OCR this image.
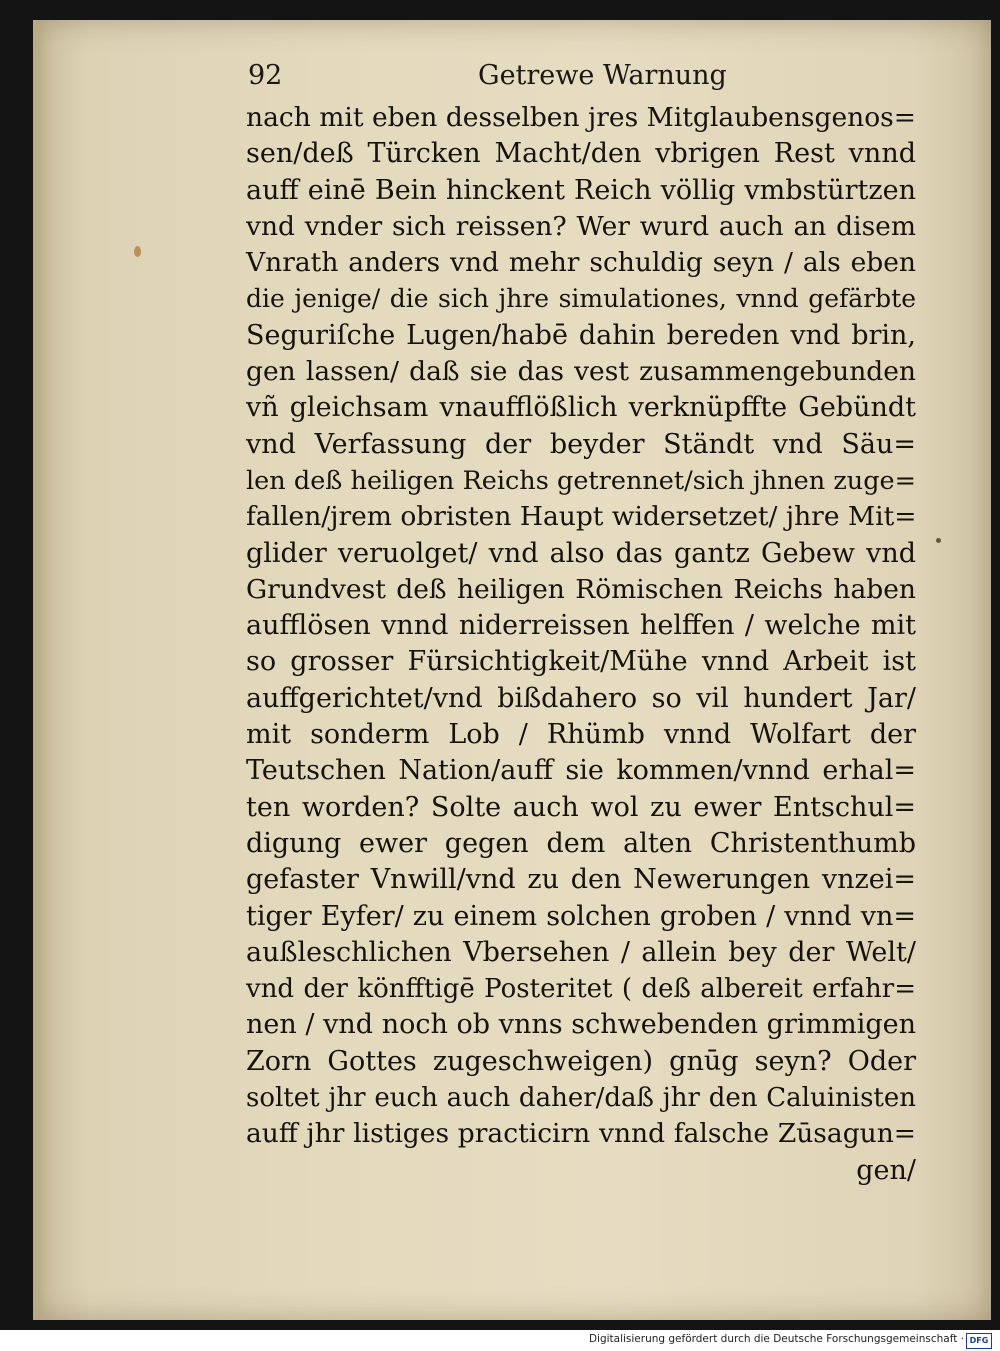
92	Getrewe Warnung
nach mit eben desselben jres Mitglaubensgenos=
sen/deß Türcken Macht/den vbrigen Rest vnnd
auff einē Bein hinckent Reich völlig vmbstürtzen
vnd vnder sich reissen? Wer wurd auch an disem
Vnrath anders vnd mehr schuldig seyn / als eben
die jenige/ die sich jhre simulationes, vnnd gefärbte
Seguriſche Lugen/habē dahin bereden vnd brin,
gen lassen/ daß sie das vest zusammengebunden
vñ gleichsam vnaufflößlich verknüpffte Gebündt
vnd Verfassung der beyder Ständt vnd Säu=
len deß heiligen Reichs getrennet/sich jhnen zuge=
fallen/jrem obristen Haupt widersetzet/ jhre Mit=
glider veruolget/ vnd also das gantz Gebew vnd
Grundvest deß heiligen Römischen Reichs haben
aufflösen vnnd niderreissen helffen / welche mit
so grosser Fürsichtigkeit/Mühe vnnd Arbeit ist
auffgerichtet/vnd bißdahero so vil hundert Jar/
mit sonderm Lob / Rhümb vnnd Wolfart der
Teutschen Nation/auff sie kommen/vnnd erhal=
ten worden? Solte auch wol zu ewer Entschul=
digung ewer gegen dem alten Christenthumb
gefaster Vnwill/vnd zu den Newerungen vnzei=
tiger Eyfer/ zu einem solchen groben / vnnd vn=
außleschlichen Vbersehen / allein bey der Welt/
vnd der könfftigē Posteritet ( deß albereit erfahr=
nen / vnd noch ob vnns schwebenden grimmigen
Zorn Gottes zugeschweigen) gnūg seyn? Oder
soltet jhr euch auch daher/daß jhr den Caluinisten
auff jhr listiges practicirn vnnd falsche Zūsagun=
gen/
Digitalisierung gefördert durch die Deutsche Forschungsgemeinschaft · DFG
